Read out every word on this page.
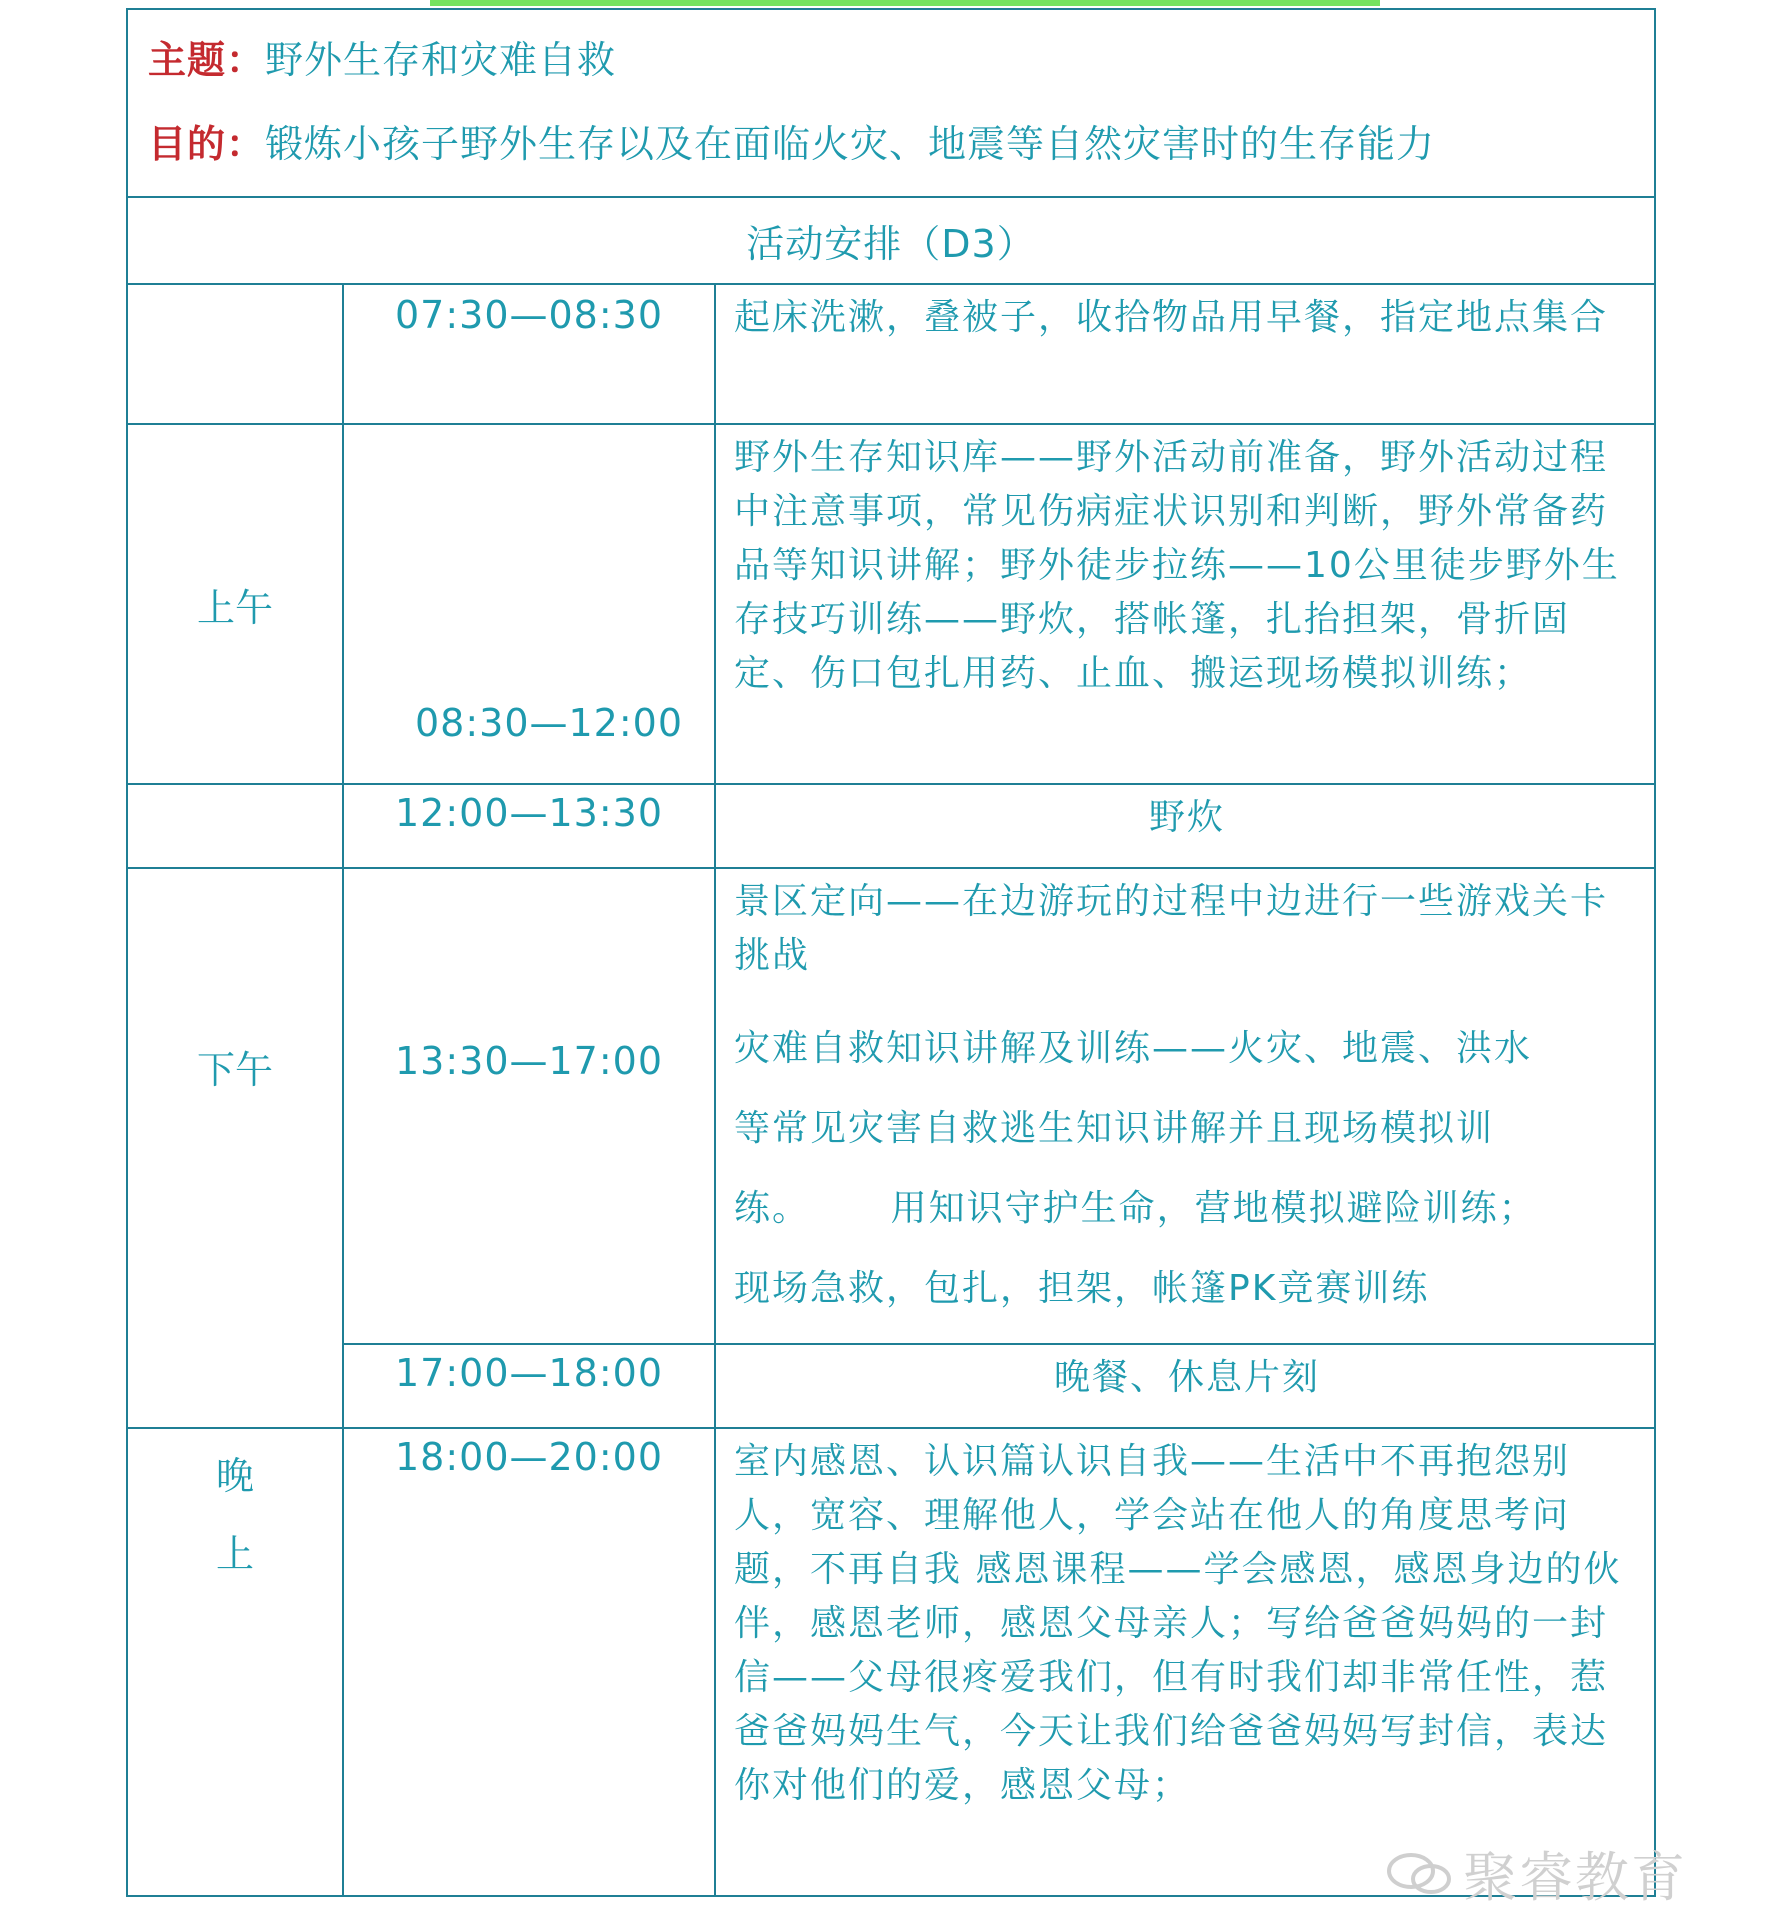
主题：野外生存和灾难自救
目的：锻炼小孩子野外生存以及在面临火灾、地震等自然灾害时的生存能力		

活动安排（D3）		
	07:30—08:30	起床洗漱，叠被子，收拾物品用早餐，指定地点集合
上午	08:30—12:00	野外生存知识库——野外活动前准备，野外活动过程中注意事项，常见伤病症状识别和判断，野外常备药品等知识讲解；野外徒步拉练——10公里徒步野外生存技巧训练——野炊，搭帐篷，扎抬担架，骨折固定、伤口包扎用药、止血、搬运现场模拟训练；
	12:00—13:30	野炊
下午	13:30—17:00	景区定向——在边游玩的过程中边进行一些游戏关卡挑战

灾难自救知识讲解及训练——火灾、地震、洪水

等常见灾害自救逃生知识讲解并且现场模拟训

练。      用知识守护生命，营地模拟避险训练；

现场急救，包扎，担架，帐篷PK竞赛训练

	17:00—18:00	晚餐、休息片刻

晚
上	18:00—20:00	室内感恩、认识篇认识自我——生活中不再抱怨别人，宽容、理解他人，学会站在他人的角度思考问题，不再自我 感恩课程——学会感恩，感恩身边的伙伴，感恩老师，感恩父母亲人；写给爸爸妈妈的一封信——父母很疼爱我们，但有时我们却非常任性，惹爸爸妈妈生气，今天让我们给爸爸妈妈写封信，表达你对他们的爱，感恩父母；
聚睿教育
